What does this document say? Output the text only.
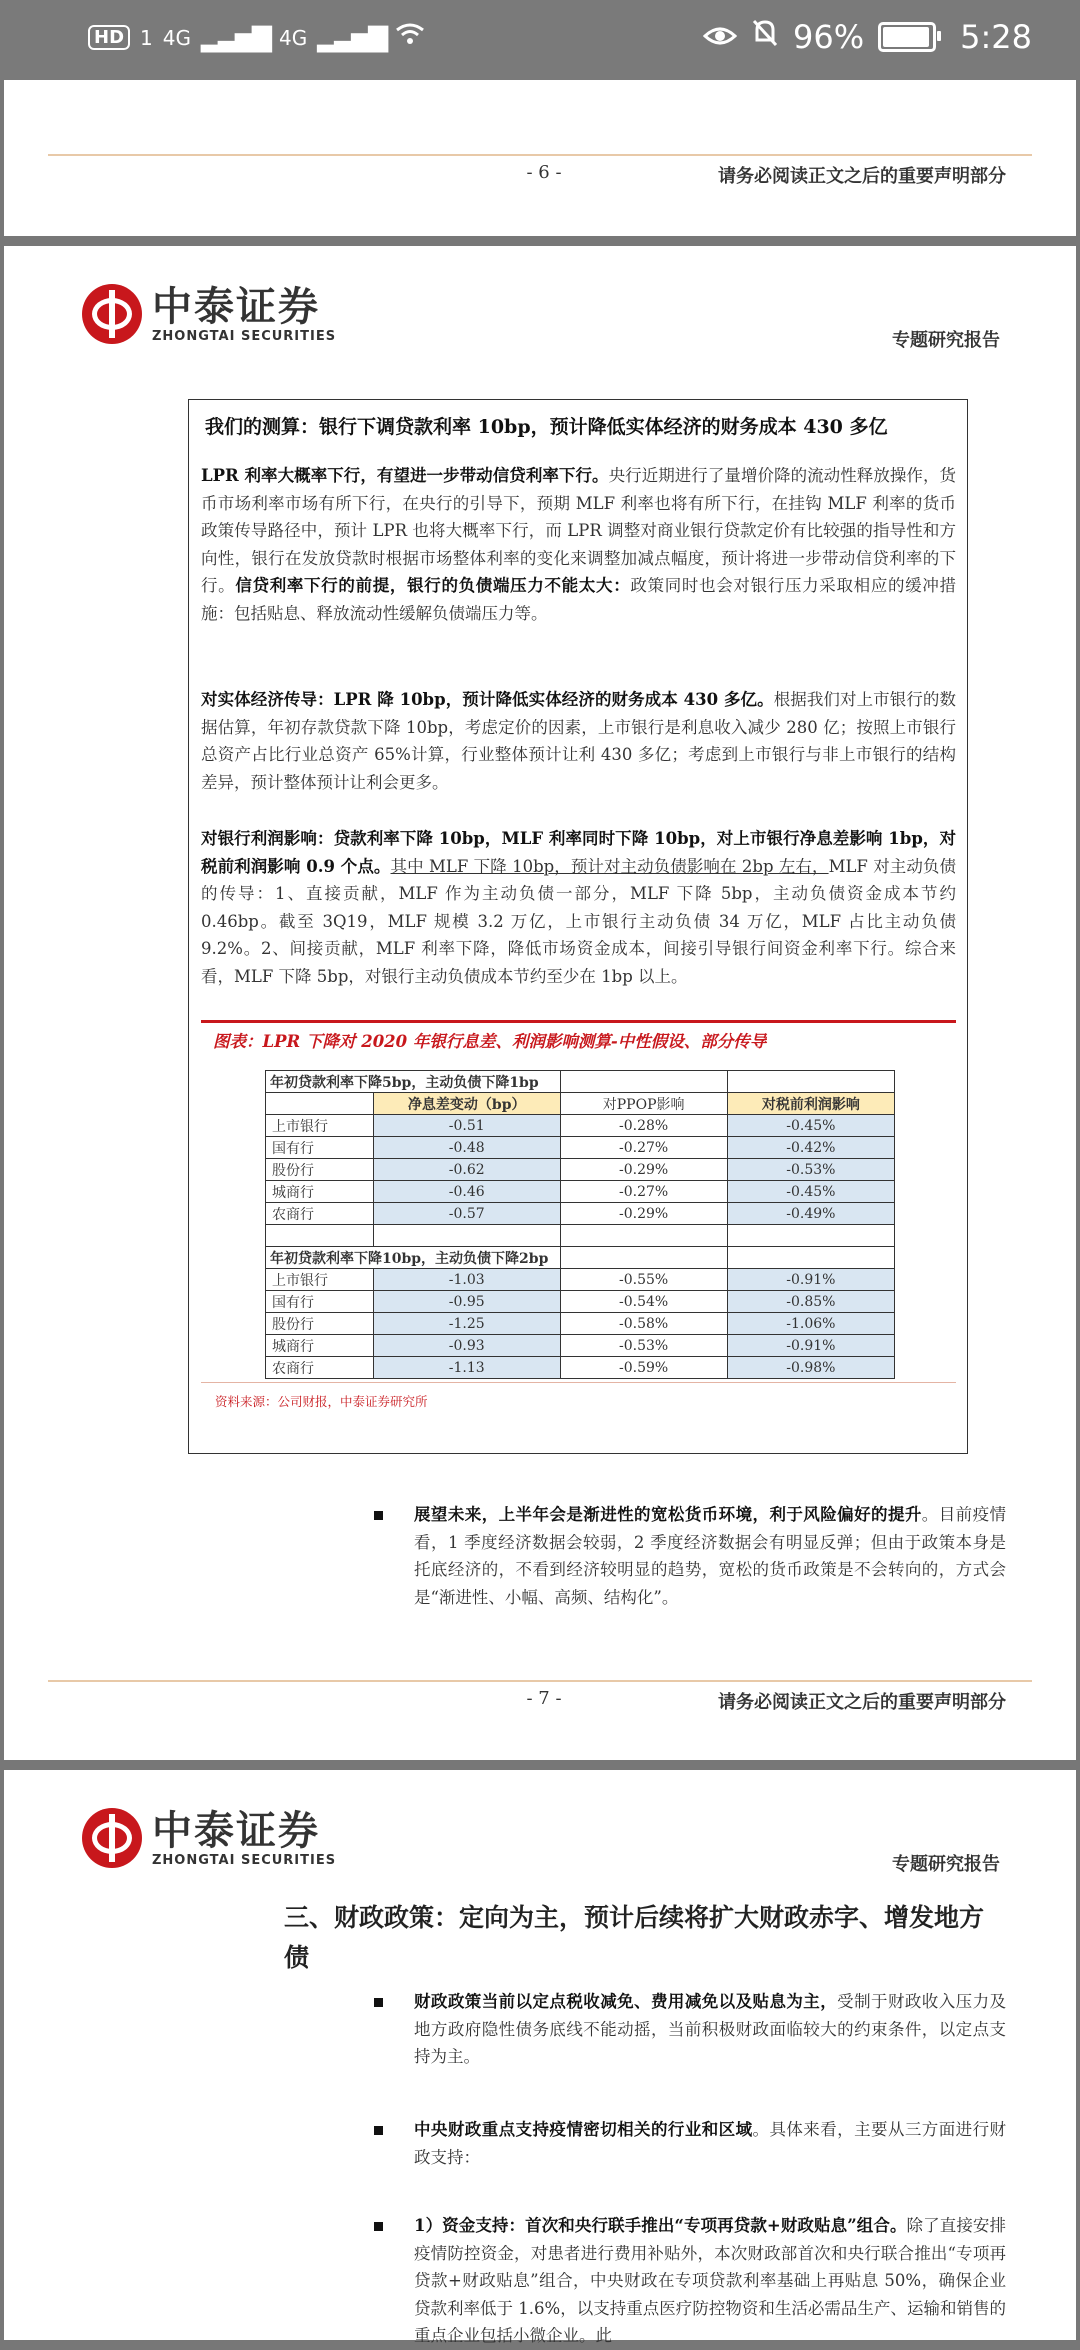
HD 1 4G ▂▃▅▇ 4G ▂▃▅▇	96%	5:28
- 6 -	请务必阅读正文之后的重要声明部分
中泰证券
ZHONGTAI SECURITIES	专题研究报告
我们的测算：银行下调贷款利率 10bp，预计降低实体经济的财务成本 430 多亿
LPR 利率大概率下行，有望进一步带动信贷利率下行。央行近期进行了量增价降的流动性释放操作，货币市场利率市场有所下行，在央行的引导下，预期 MLF 利率也将有所下行，在挂钩 MLF 利率的货币政策传导路径中，预计 LPR 也将大概率下行，而 LPR 调整对商业银行贷款定价有比较强的指导性和方向性，银行在发放贷款时根据市场整体利率的变化来调整加减点幅度，预计将进一步带动信贷利率的下行。信贷利率下行的前提，银行的负债端压力不能太大：政策同时也会对银行压力采取相应的缓冲措施：包括贴息、释放流动性缓解负债端压力等。
对实体经济传导：LPR 降 10bp，预计降低实体经济的财务成本 430 多亿。根据我们对上市银行的数据估算，年初存款贷款下降 10bp，考虑定价的因素，上市银行是利息收入减少 280 亿；按照上市银行总资产占比行业总资产 65%计算，行业整体预计让利 430 多亿；考虑到上市银行与非上市银行的结构差异，预计整体预计让利会更多。
对银行利润影响：贷款利率下降 10bp，MLF 利率同时下降 10bp，对上市银行净息差影响 1bp，对税前利润影响 0.9 个点。其中 MLF 下降 10bp，预计对主动负债影响在 2bp 左右，MLF 对主动负债的传导：1、直接贡献，MLF 作为主动负债一部分，MLF 下降 5bp，主动负债资金成本节约 0.46bp。截至 3Q19，MLF 规模 3.2 万亿，上市银行主动负债 34 万亿，MLF 占比主动负债 9.2%。2、间接贡献，MLF 利率下降，降低市场资金成本，间接引导银行间资金利率下行。综合来看，MLF 下降 5bp，对银行主动负债成本节约至少在 1bp 以上。
图表：LPR 下降对 2020 年银行息差、利润影响测算-中性假设、部分传导
年初贷款利率下降5bp，主动负债下降1bp			
	净息差变动（bp）	对PPOP影响	对税前利润影响
上市银行	-0.51	-0.28%	-0.45%
国有行	-0.48	-0.27%	-0.42%
股份行	-0.62	-0.29%	-0.53%
城商行	-0.46	-0.27%	-0.45%
农商行	-0.57	-0.29%	-0.49%

年初贷款利率下降10bp，主动负债下降2bp			
上市银行	-1.03	-0.55%	-0.91%
国有行	-0.95	-0.54%	-0.85%
股份行	-1.25	-0.58%	-1.06%
城商行	-0.93	-0.53%	-0.91%
农商行	-1.13	-0.59%	-0.98%
资料来源：公司财报，中泰证券研究所
展望未来，上半年会是渐进性的宽松货币环境，利于风险偏好的提升。目前疫情看，1 季度经济数据会较弱，2 季度经济数据会有明显反弹；但由于政策本身是托底经济的，不看到经济较明显的趋势，宽松的货币政策是不会转向的，方式会是“渐进性、小幅、高频、结构化”。
- 7 -	请务必阅读正文之后的重要声明部分
中泰证券
ZHONGTAI SECURITIES	专题研究报告
三、财政政策：定向为主，预计后续将扩大财政赤字、增发地方债
财政政策当前以定点税收减免、费用减免以及贴息为主，受制于财政收入压力及地方政府隐性债务底线不能动摇，当前积极财政面临较大的约束条件，以定点支持为主。
中央财政重点支持疫情密切相关的行业和区域。具体来看，主要从三方面进行财政支持：
1）资金支持：首次和央行联手推出“专项再贷款+财政贴息”组合。除了直接安排疫情防控资金，对患者进行费用补贴外，本次财政部首次和央行联合推出“专项再贷款+财政贴息”组合，中央财政在专项贷款利率基础上再贴息 50%，确保企业贷款利率低于 1.6%，以支持重点医疗防控物资和生活必需品生产、运输和销售的重点企业包括小微企业。此
